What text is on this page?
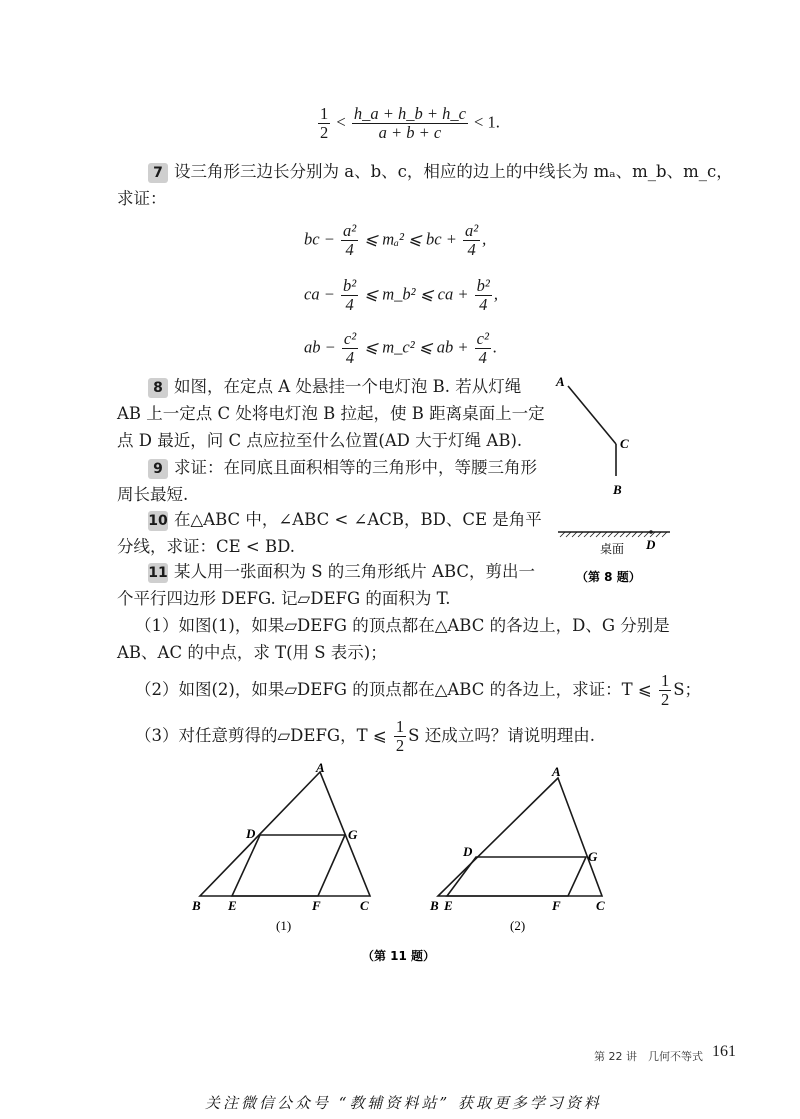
$\frac{1}{2} < \frac{h\_a + h\_b + h\_c}{a + b + c} < 1$.
7 设三角形三边长分别为 a、b、c，相应的边上的中线长为 mₐ、m_b、m_c，
求证：
bc − $\frac{\text{a²}}{4}$ ⩽ mₐ² ⩽ bc + $\frac{\text{a²}}{4}$ ,
ca − $\frac{\text{b²}}{4}$ ⩽ m_b² ⩽ ca + $\frac{\text{b²}}{4}$ ,
ab − $\frac{\text{c²}}{4}$ ⩽ m_c² ⩽ ab + $\frac{\text{c²}}{4}$ .
8 如图，在定点 A 处悬挂一个电灯泡 B. 若从灯绳
AB 上一定点 C 处将电灯泡 B 拉起，使 B 距离桌面上一定
点 D 最近，问 C 点应拉至什么位置(AD 大于灯绳 AB).
9 求证：在同底且面积相等的三角形中，等腰三角形
周长最短.
10 在△ABC 中，∠ABC < ∠ACB，BD、CE 是角平
分线，求证：CE < BD.
A
C
B
D
桌面
（第 8 题）
11 某人用一张面积为 S 的三角形纸片 ABC，剪出一
个平行四边形 DEFG. 记▱DEFG 的面积为 T.
（1）如图(1)，如果▱DEFG 的顶点都在△ABC 的各边上，D、G 分别是
AB、AC 的中点，求 T(用 S 表示)；
（2）如图(2)，如果▱DEFG 的顶点都在△ABC 的各边上，求证：T ⩽ $\frac{1}{2}$ S；
（3）对任意剪得的▱DEFG，T ⩽ $\frac{1}{2}$ S 还成立吗？请说明理由.
A
B	C
D
E	F
G
(1)
A
B	C
D
E	F
G
(2)
（第 11 题）
第 22 讲　几何不等式 161
关注微信公众号 “教辅资料站” 获取更多学习资料
